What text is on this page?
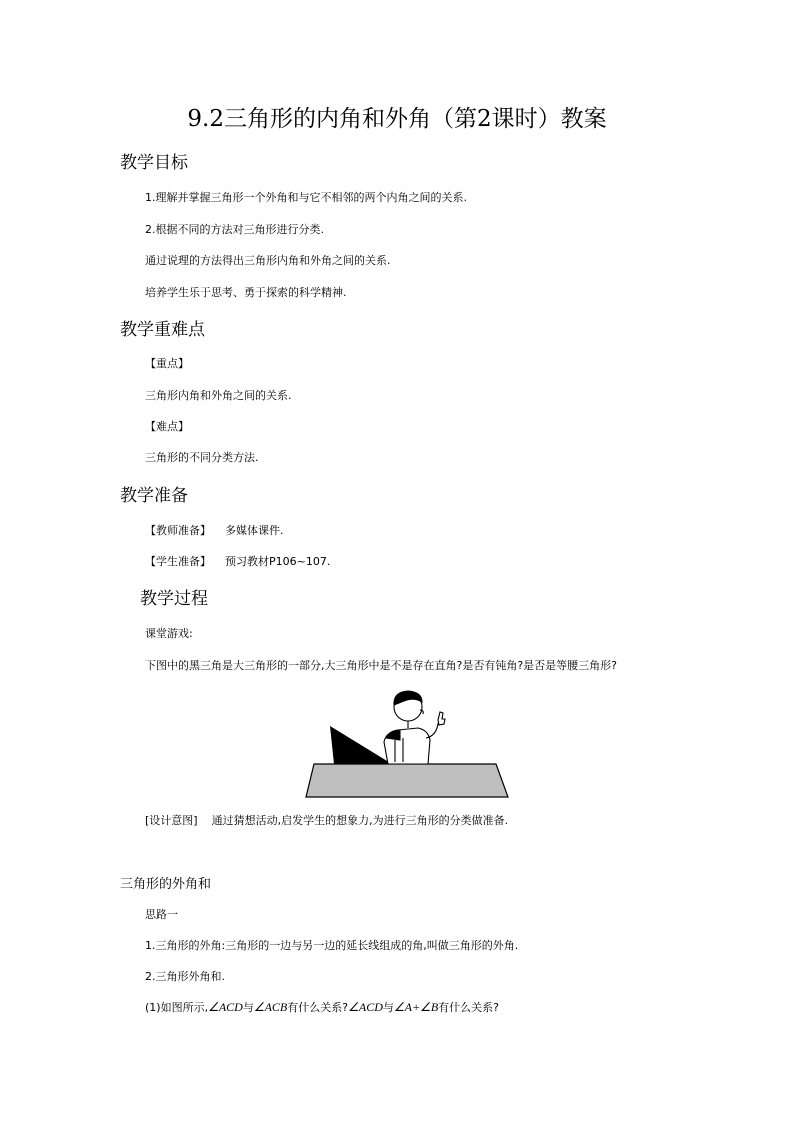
9.2三角形的内角和外角（第2课时）教案
教学目标
1.理解并掌握三角形一个外角和与它不相邻的两个内角之间的关系.
2.根据不同的方法对三角形进行分类.
通过说理的方法得出三角形内角和外角之间的关系.
培养学生乐于思考、勇于探索的科学精神.
教学重难点
【重点】
三角形内角和外角之间的关系.
【难点】
三角形的不同分类方法.
教学准备
【教师准备】 多媒体课件.
【学生准备】 预习教材P106~107.
教学过程
课堂游戏:
下图中的黑三角是大三角形的一部分,大三角形中是不是存在直角?是否有钝角?是否是等腰三角形?
[设计意图] 通过猜想活动,启发学生的想象力,为进行三角形的分类做准备.
三角形的外角和
思路一
1.三角形的外角:三角形的一边与另一边的延长线组成的角,叫做三角形的外角.
2.三角形外角和.
(1)如图所示,∠ACD与∠ACB有什么关系?∠ACD与∠A+∠B有什么关系?
